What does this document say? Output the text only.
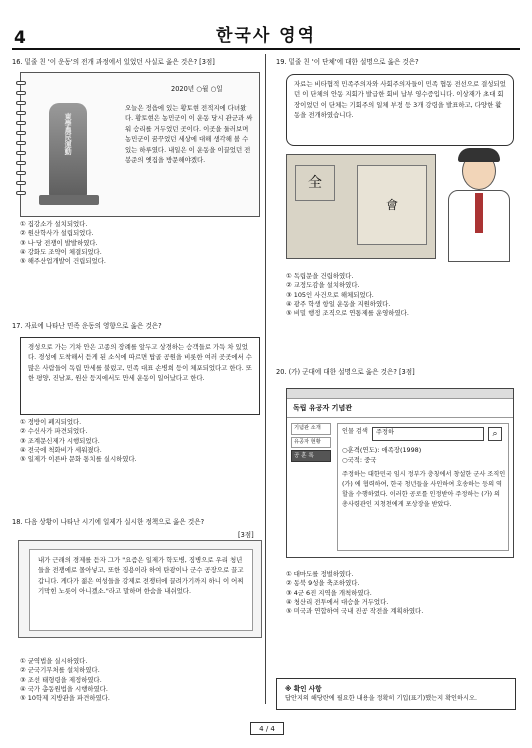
4	한국사 영역
16. 밑줄 친 '이 운동'의 전개 과정에서 있었던 사실로 옳은 것은? [3점]
2020년 ○월 ○일
東學農民運動
오늘은 정읍에 있는 황토현 전적지에 다녀왔다. 황토현은 농민군이 이 운동 당시 관군과 싸워 승리를 거두었던 곳이다. 이곳을 둘러보며 농민군이 꿈꾸었던 세상에 대해 생각해 볼 수 있는 하루였다. 내일은 이 운동을 이끌었던 전봉준의 옛집을 방문해야겠다.
① 집강소가 설치되었다.
② 원산학사가 설립되었다.
③ 나·당 전쟁이 발발하였다.
④ 강화도 조약이 체결되었다.
⑤ 해주산업개발이 건립되었다.
17. 자료에 나타난 민족 운동의 영향으로 옳은 것은?
경성으로 가는 기차 안은 고종의 장례를 앞두고 상경하는 승객들로 가득 차 있었다. 경성에 도착해서 듣게 된 소식에 따르면 탑골 공원을 비롯한 여러 곳곳에서 수많은 사람들이 독립 만세를 불렀고, 민족 대표 손병희 등이 체포되었다고 한다. 또한 평양, 진남포, 원산 등지에서도 만세 운동이 일어났다고 한다.
① 정방이 폐지되었다.
② 수신사가 파견되었다.
③ 조계문신제가 시행되었다.
④ 전국에 척화비가 세워졌다.
⑤ 일제가 이른바 문화 통치를 실시하였다.
18. 다음 상황이 나타난 시기에 일제가 실시한 정책으로 옳은 것은?
[3점]
내가 근래의 경제를 듣자 그가 "요즘은 일제가 학도병, 징병으로 우리 청년들을 전쟁에로 몰아넣고, 또한 징용이라 하여 탄광이나 군수 공장으로 끌고 갑니다. 게다가 젊은 여성들을 강제로 전쟁터에 끌려가기까지 하니 이 어찌 기막힌 노릇이 아니겠소."라고 말하며 한숨을 내쉬었다.
① 균역법을 실시하였다.
② 군국기무처를 설치하였다.
③ 조선 태형령을 제정하였다.
④ 국가 총동원법을 시행하였다.
⑤ 10학제 지방관을 파견하였다.
19. 밑줄 친 '이 단체'에 대한 설명으로 옳은 것은?
자료는 비타협적 민족주의자와 사회주의자들이 민족 협동 전선으로 결성되었던 이 단체의 안동 지회가 발급한 회비 납부 영수증입니다. 이상재가 초대 회장이었던 이 단체는 기회주의 일체 부정 등 3개 강령을 발표하고, 다양한 활동을 전개하였습니다.
全
會
① 독립문을 건립하였다.
② 교정도감을 설치하였다.
③ 105인 사건으로 해체되었다.
④ 광주 학생 항일 운동을 지원하였다.
⑤ 비밀 행정 조직으로 연통제를 운영하였다.
20. (가) 군대에 대한 설명으로 옳은 것은? [3점]
독립 유공자 기념관
기념관 소개
유공자 현황
공 훈 록
인물 검색	주정하	⌕
○훈격(연도): 애족장(1998)
○국적: 중국
주정하는 대한민국 임시 정부가 충칭에서 창설한 군사 조직인 (가) 에 협력하여, 한국 청년들을 사인하여 호송하는 등의 역할을 수행하였다. 이러한 공로를 인정받아 주정하는 (가) 의 총사령관인 지청천에게 포상장을 받았다.
① 대마도를 정벌하였다.
② 동북 9성을 축조하였다.
③ 4군 6진 지역을 개척하였다.
④ 청산리 전투에서 대승을 거두었다.
⑤ 미국과 연합하여 국내 진공 작전을 계획하였다.
※ 확인 사항
답안지의 해당란에 필요한 내용을 정확히 기입(표기)했는지 확인하시오.
4 / 4
